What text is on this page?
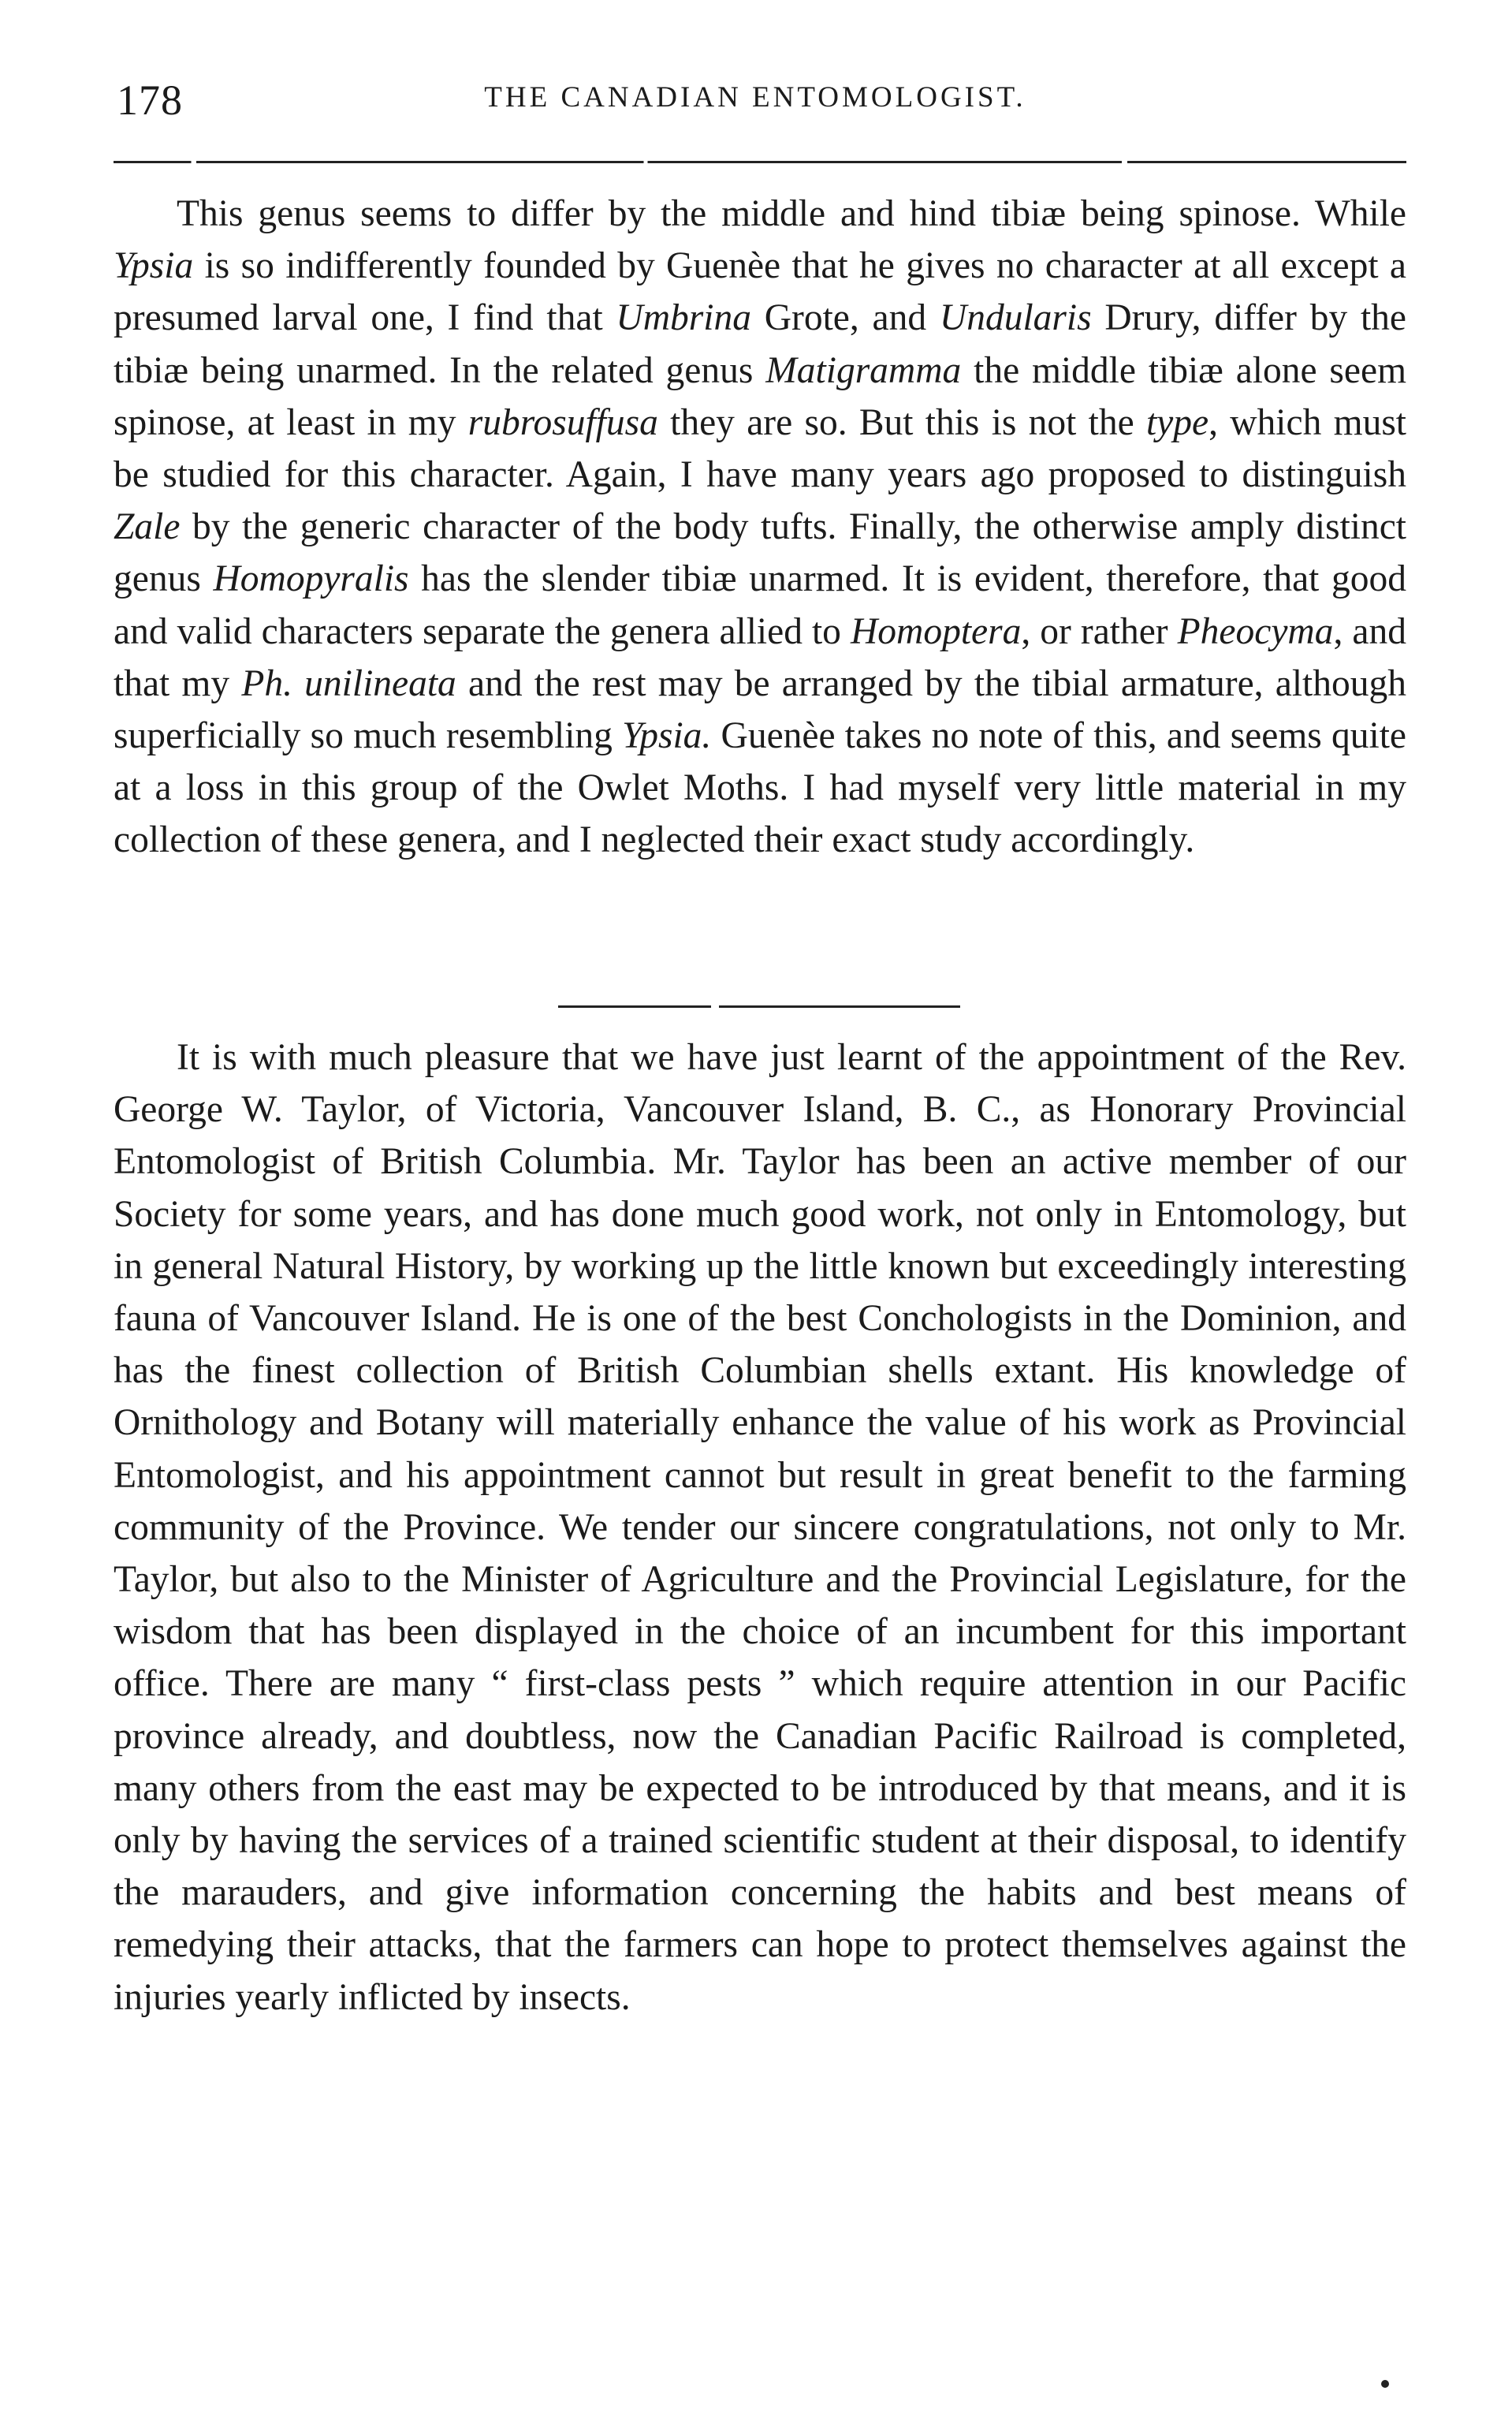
178	THE CANADIAN ENTOMOLOGIST.

This genus seems to differ by the middle and hind tibiæ being spinose. While Ypsia is so indifferently founded by Guenèe that he gives no character at all except a presumed larval one, I find that Umbrina Grote, and Undularis Drury, differ by the tibiæ being unarmed. In the related genus Matigramma the middle tibiæ alone seem spinose, at least in my rubrosuffusa they are so. But this is not the type, which must be studied for this character. Again, I have many years ago proposed to distinguish Zale by the generic character of the body tufts. Finally, the otherwise amply distinct genus Homopyralis has the slender tibiæ unarmed. It is evident, therefore, that good and valid characters separate the genera allied to Homoptera, or rather Pheocyma, and that my Ph. unilineata and the rest may be arranged by the tibial armature, although superficially so much resembling Ypsia. Guenèe takes no note of this, and seems quite at a loss in this group of the Owlet Moths. I had myself very little material in my collection of these genera, and I neglected their exact study accordingly.

It is with much pleasure that we have just learnt of the appointment of the Rev. George W. Taylor, of Victoria, Vancouver Island, B. C., as Honorary Provincial Entomologist of British Columbia. Mr. Taylor has been an active member of our Society for some years, and has done much good work, not only in Entomology, but in general Natural History, by working up the little known but exceedingly interesting fauna of Vancouver Island. He is one of the best Conchologists in the Dominion, and has the finest collection of British Columbian shells extant. His knowledge of Ornithology and Botany will materially enhance the value of his work as Provincial Entomologist, and his appointment cannot but result in great benefit to the farming community of the Province. We tender our sincere congratulations, not only to Mr. Taylor, but also to the Minister of Agriculture and the Provincial Legislature, for the wisdom that has been displayed in the choice of an incumbent for this important office. There are many “ first-class pests ” which require attention in our Pacific province already, and doubtless, now the Canadian Pacific Railroad is completed, many others from the east may be expected to be introduced by that means, and it is only by having the services of a trained scientific student at their disposal, to identify the marauders, and give information concerning the habits and best means of remedying their attacks, that the farmers can hope to protect themselves against the injuries yearly inflicted by insects.
